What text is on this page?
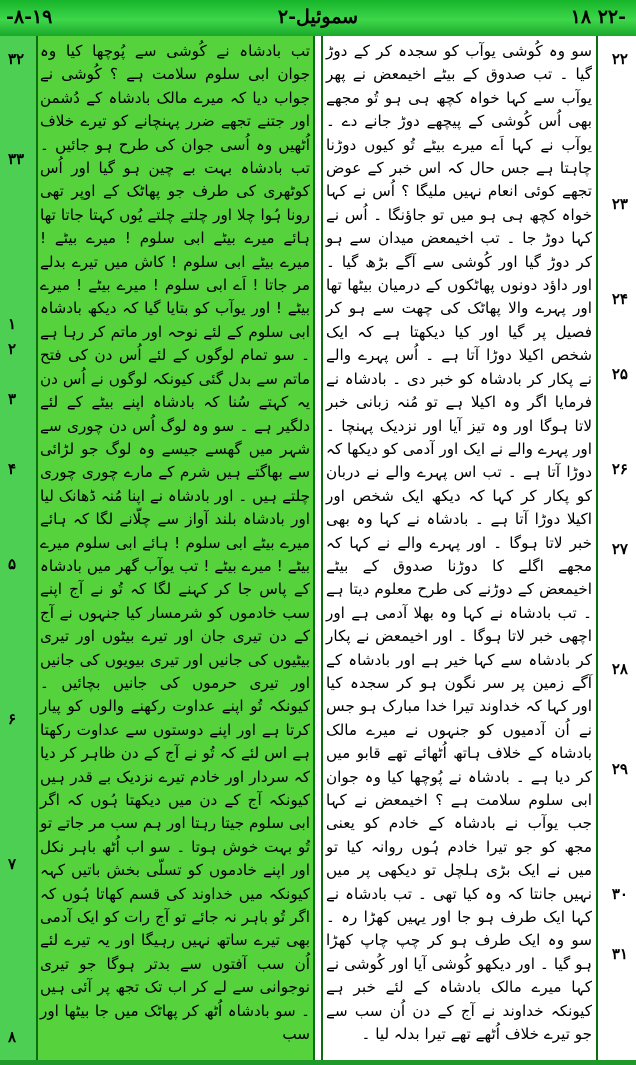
-۸-۱۹	۲-سموئیل	۱۸ ۲۲-

تب بادشاہ نے کُوشی سے پُوچھا کیا وہ جوان ابی سلوم سلامت ہے ؟ کُوشی نے جواب دیا کہ میرے مالک بادشاہ کے دُشمن اور جتنے تجھے ضرر پہنچانے کو تیرے خلاف اُٹھیں وہ اُسی جوان کی طرح ہو جائیں ۔ تب بادشاہ بہت بے چین ہو گیا اور اُس کوٹھری کی طرف جو پھاٹک کے اوپر تھی رونا ہُوا چلا اور چلتے چلتے یُوں کہتا جاتا تھا ہائے میرے بیٹے ابی سلوم ! میرے بیٹے ! میرے بیٹے ابی سلوم ! کاش میں تیرے بدلے مر جاتا ! اَے ابی سلوم ! میرے بیٹے ! میرے بیٹے ! اور یوآب کو بتایا گیا کہ دیکھ بادشاہ ابی سلوم کے لئے نوحہ اور ماتم کر رہا ہے ۔ سو تمام لوگوں کے لئے اُس دن کی فتح ماتم سے بدل گئی کیونکہ لوگوں نے اُس دن یہ کہتے سُنا کہ بادشاہ اپنے بیٹے کے لئے دلگیر ہے ۔ سو وہ لوگ اُس دن چوری سے شہر میں گھسے جیسے وہ لوگ جو لڑائی سے بھاگتے ہیں شرم کے مارے چوری چوری چلتے ہیں ۔ اور بادشاہ نے اپنا مُنہ ڈھانک لیا اور بادشاہ بلند آواز سے چلّانے لگا کہ ہائے میرے بیٹے ابی سلوم ! ہائے ابی سلوم میرے بیٹے ! میرے بیٹے ! تب یوآب گھر میں بادشاہ کے پاس جا کر کہنے لگا کہ تُو نے آج اپنے سب خادموں کو شرمسار کیا جنہوں نے آج کے دن تیری جان اور تیرے بیٹوں اور تیری بیٹیوں کی جانیں اور تیری بیویوں کی جانیں اور تیری حرموں کی جانیں بچائیں ۔ کیونکہ تُو اپنے عداوت رکھنے والوں کو پیار کرتا ہے اور اپنے دوستوں سے عداوت رکھتا ہے اس لئے کہ تُو نے آج کے دن ظاہر کر دیا کہ سردار اور خادم تیرے نزدیک بے قدر ہیں کیونکہ آج کے دن میں دیکھتا ہُوں کہ اگر ابی سلوم جیتا رہتا اور ہم سب مر جاتے تو تُو بہت خوش ہوتا ۔ سو اب اُٹھ باہر نکل اور اپنے خادموں کو تسلّی بخش باتیں کہہ کیونکہ میں خداوند کی قسم کھاتا ہُوں کہ اگر تُو باہر نہ جائے تو آج رات کو ایک آدمی بھی تیرے ساتھ نہیں رہیگا اور یہ تیرے لئے اُن سب آفتوں سے بدتر ہوگا جو تیری نوجوانی سے لے کر اب تک تجھ پر آئی ہیں ۔ سو بادشاہ اُٹھ کر پھاٹک میں جا بیٹھا اور سب

سو وہ کُوشی یوآب کو سجدہ کر کے دوڑ گیا ۔ تب صدوق کے بیٹے اخیمعض نے پھر یوآب سے کہا خواہ کچھ ہی ہو تُو مجھے بھی اُس کُوشی کے پیچھے دوڑ جانے دے ۔ یوآب نے کہا اَے میرے بیٹے تُو کیوں دوڑنا چاہتا ہے جس حال کہ اس خبر کے عوض تجھے کوئی انعام نہیں ملیگا ؟ اُس نے کہا خواہ کچھ ہی ہو میں تو جاؤنگا ۔ اُس نے کہا دوڑ جا ۔ تب اخیمعض میدان سے ہو کر دوڑ گیا اور کُوشی سے آگے بڑھ گیا ۔ اور داؤد دونوں پھاٹکوں کے درمیان بیٹھا تھا اور پہرے والا پھاٹک کی چھت سے ہو کر فصیل پر گیا اور کیا دیکھتا ہے کہ ایک شخص اکیلا دوڑا آتا ہے ۔ اُس پہرے والے نے پکار کر بادشاہ کو خبر دی ۔ بادشاہ نے فرمایا اگر وہ اکیلا ہے تو مُنہ زبانی خبر لاتا ہوگا اور وہ تیز آیا اور نزدیک پہنچا ۔ اور پہرے والے نے ایک اور آدمی کو دیکھا کہ دوڑا آتا ہے ۔ تب اس پہرے والے نے دربان کو پکار کر کہا کہ دیکھ ایک شخص اور اکیلا دوڑا آتا ہے ۔ بادشاہ نے کہا وہ بھی خبر لاتا ہوگا ۔ اور پہرے والے نے کہا کہ مجھے اگلے کا دوڑنا صدوق کے بیٹے اخیمعض کے دوڑنے کی طرح معلوم دیتا ہے ۔ تب بادشاہ نے کہا وہ بھلا آدمی ہے اور اچھی خبر لاتا ہوگا ۔ اور اخیمعض نے پکار کر بادشاہ سے کہا خیر ہے اور بادشاہ کے آگے زمین پر سر نگون ہو کر سجدہ کیا اور کہا کہ خداوند تیرا خدا مبارک ہو جس نے اُن آدمیوں کو جنہوں نے میرے مالک بادشاہ کے خلاف ہاتھ اُٹھائے تھے قابو میں کر دیا ہے ۔ بادشاہ نے پُوچھا کیا وہ جوان ابی سلوم سلامت ہے ؟ اخیمعض نے کہا جب یوآب نے بادشاہ کے خادم کو یعنی مجھ کو جو تیرا خادم ہُوں روانہ کیا تو میں نے ایک بڑی ہلچل تو دیکھی پر میں نہیں جانتا کہ وہ کیا تھی ۔ تب بادشاہ نے کہا ایک طرف ہو جا اور یہیں کھڑا رہ ۔ سو وہ ایک طرف ہو کر چپ چاپ کھڑا ہو گیا ۔ اور دیکھو کُوشی آیا اور کُوشی نے کہا میرے مالک بادشاہ کے لئے خبر ہے کیونکہ خداوند نے آج کے دن اُن سب سے جو تیرے خلاف اُٹھے تھے تیرا بدلہ لیا ۔

۳۲
۳۳
۱
۲
۳
۴
۵
۶
۷
۸
۲۲
۲۳
۲۴
۲۵
۲۶
۲۷
۲۸
۲۹
۳۰
۳۱
